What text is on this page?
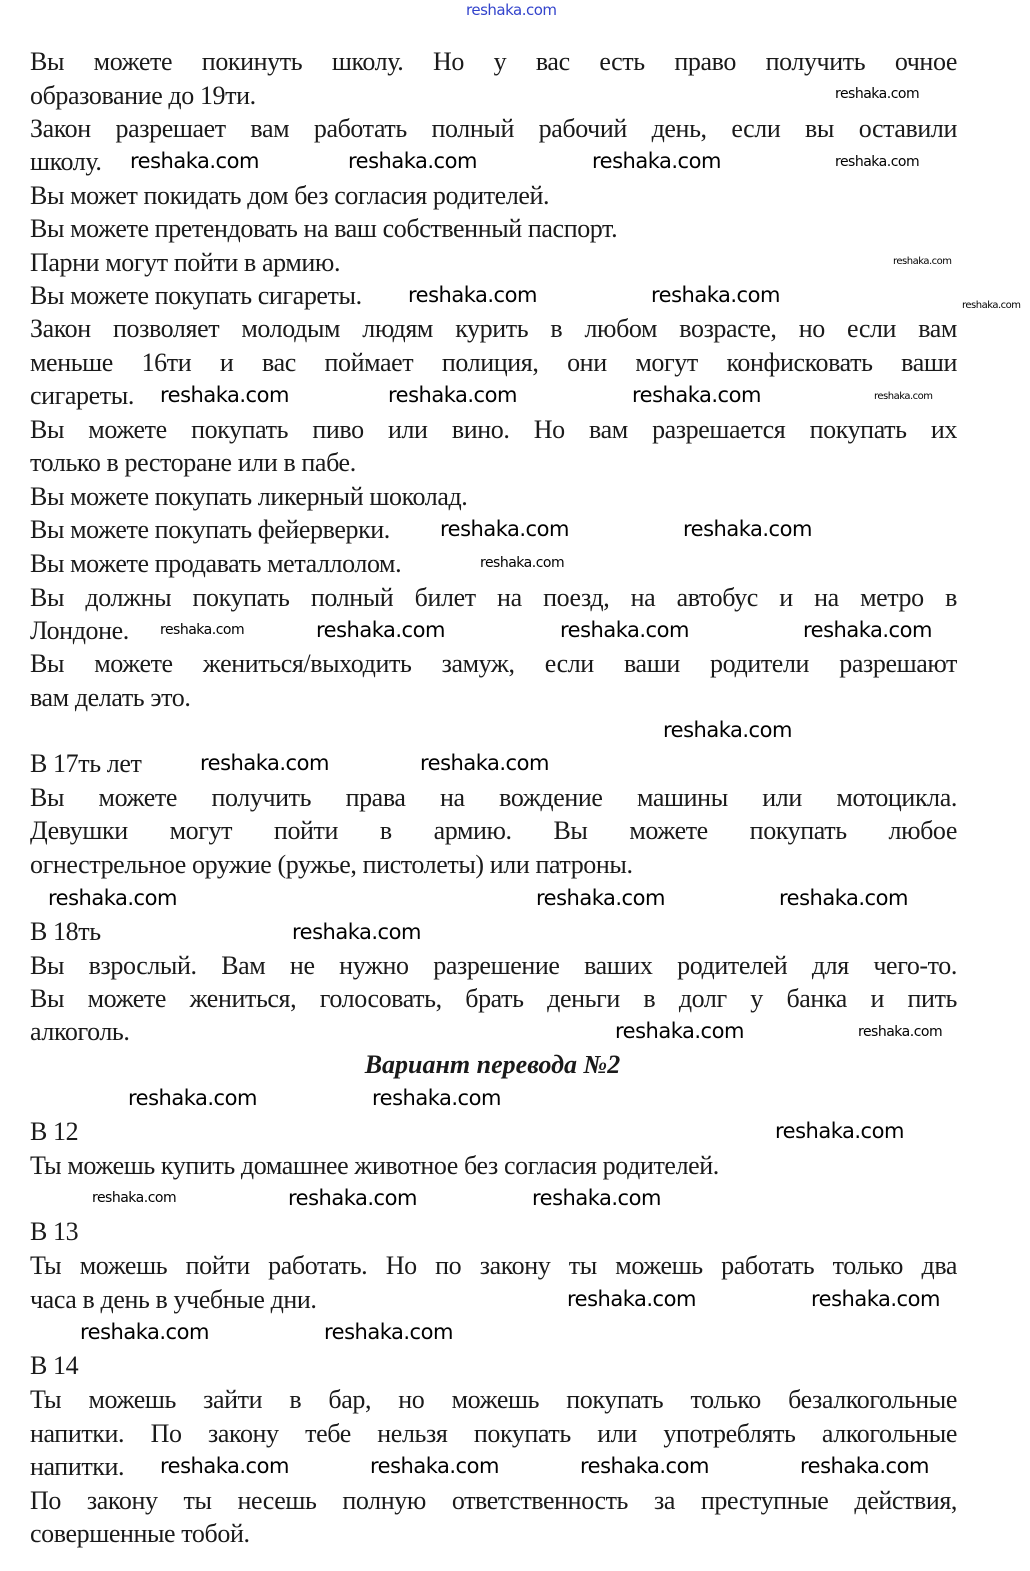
reshaka.com
Вы можете покинуть школу. Но у вас есть право получить очное
образование до 19ти.
Закон разрешает вам работать полный рабочий день, если вы оставили
школу.
Вы может покидать дом без согласия родителей.
Вы можете претендовать на ваш собственный паспорт.
Парни могут пойти в армию.
Вы можете покупать сигареты.
Закон позволяет молодым людям курить в любом возрасте, но если вам
меньше 16ти и вас поймает полиция, они могут конфисковать ваши
сигареты.
Вы можете покупать пиво или вино. Но вам разрешается покупать их
только в ресторане или в пабе.
Вы можете покупать ликерный шоколад.
Вы можете покупать фейерверки.
Вы можете продавать металлолом.
Вы должны покупать полный билет на поезд, на автобус и на метро в
Лондоне.
Вы можете жениться/выходить замуж, если ваши родители разрешают
вам делать это.
В 17ть лет
Вы можете получить права на вождение машины или мотоцикла.
Девушки могут пойти в армию. Вы можете покупать любое
огнестрельное оружие (ружье, пистолеты) или патроны.
В 18ть
Вы взрослый. Вам не нужно разрешение ваших родителей для чего-то.
Вы можете жениться, голосовать, брать деньги в долг у банка и пить
алкоголь.
Вариант перевода №2
В 12
Ты можешь купить домашнее животное без согласия родителей.
В 13
Ты можешь пойти работать. Но по закону ты можешь работать только два
часа в день в учебные дни.
В 14
Ты можешь зайти в бар, но можешь покупать только безалкогольные
напитки. По закону тебе нельзя покупать или употреблять алкогольные
напитки.
По закону ты несешь полную ответственность за преступные действия,
совершенные тобой.
reshaka.com
reshaka.com	reshaka.com	reshaka.com	reshaka.com
reshaka.com
reshaka.com	reshaka.com	reshaka.com
reshaka.com	reshaka.com	reshaka.com	reshaka.com
reshaka.com	reshaka.com
reshaka.com
reshaka.com	reshaka.com	reshaka.com	reshaka.com
reshaka.com
reshaka.com	reshaka.com
reshaka.com
reshaka.com
reshaka.com
reshaka.com
reshaka.com	reshaka.com
reshaka.com
reshaka.com
reshaka.com
reshaka.com
reshaka.com	reshaka.com
reshaka.com
reshaka.com
reshaka.com	reshaka.com
reshaka.com	reshaka.com	reshaka.com	reshaka.com
